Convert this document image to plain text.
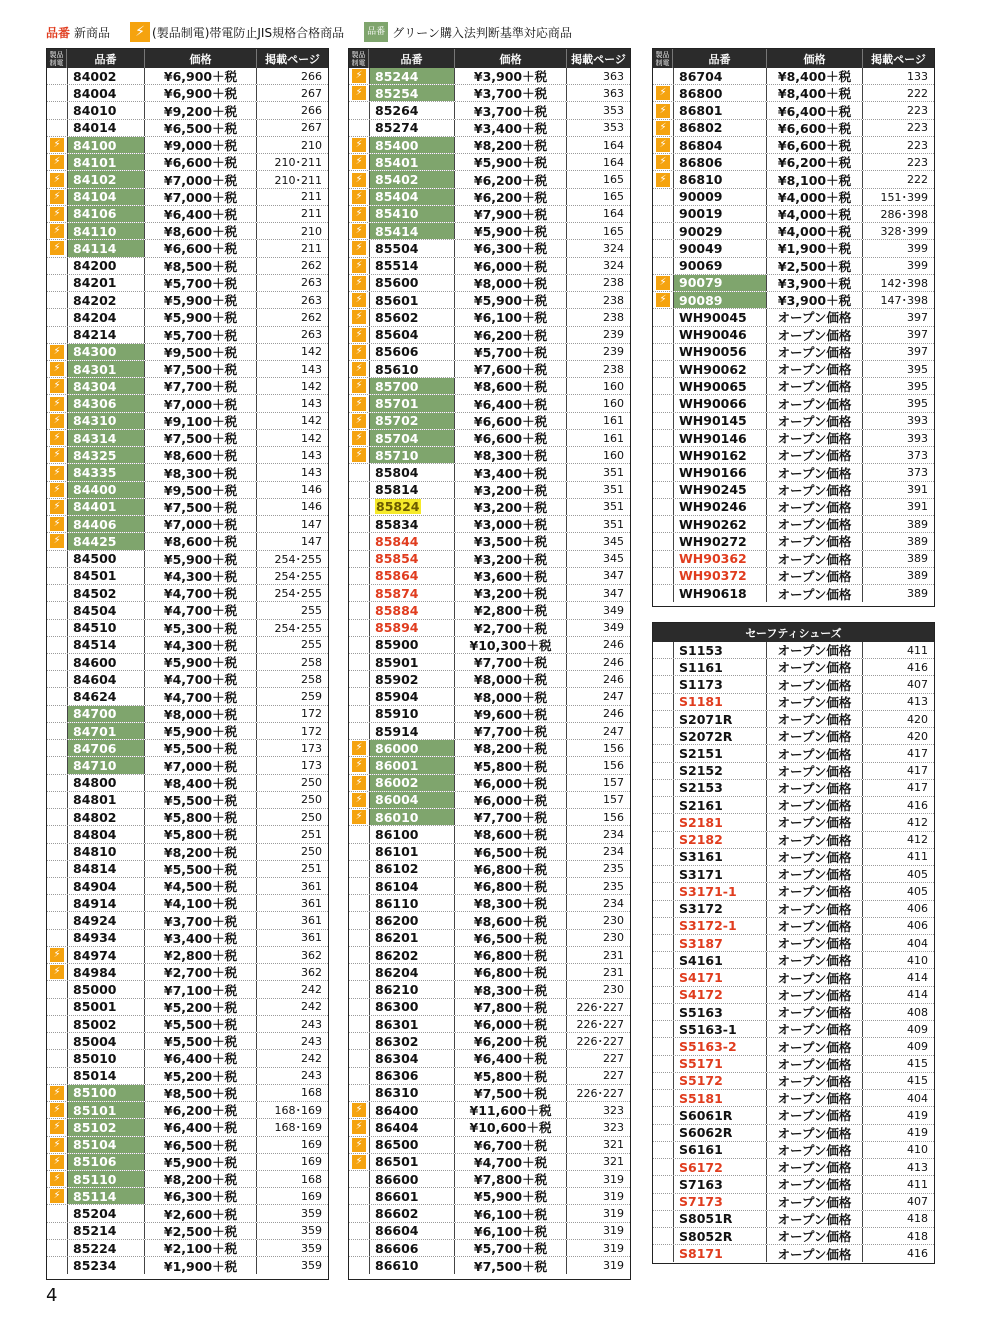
品番 新商品	⚡ (製品制電)帯電防止JIS規格合格商品	品番 グリーン購入法判断基準対応商品
製品制電	品番	価格	掲載ページ
84002	¥6,900＋税	266
84004	¥6,900＋税	267
84010	¥9,200＋税	266
84014	¥6,500＋税	267
⚡ 84100	¥9,000＋税	210
⚡ 84101	¥6,600＋税	210･211
⚡ 84102	¥7,000＋税	210･211
⚡ 84104	¥7,000＋税	211
⚡ 84106	¥6,400＋税	211
⚡ 84110	¥8,600＋税	210
⚡ 84114	¥6,600＋税	211
84200	¥8,500＋税	262
84201	¥5,700＋税	263
84202	¥5,900＋税	263
84204	¥5,900＋税	262
84214	¥5,700＋税	263
⚡ 84300	¥9,500＋税	142
⚡ 84301	¥7,500＋税	143
⚡ 84304	¥7,700＋税	142
⚡ 84306	¥7,000＋税	143
⚡ 84310	¥9,100＋税	142
⚡ 84314	¥7,500＋税	142
⚡ 84325	¥8,600＋税	143
⚡ 84335	¥8,300＋税	143
⚡ 84400	¥9,500＋税	146
⚡ 84401	¥7,500＋税	146
⚡ 84406	¥7,000＋税	147
⚡ 84425	¥8,600＋税	147
84500	¥5,900＋税	254･255
84501	¥4,300＋税	254･255
84502	¥4,700＋税	254･255
84504	¥4,700＋税	255
84510	¥5,300＋税	254･255
84514	¥4,300＋税	255
84600	¥5,900＋税	258
84604	¥4,700＋税	258
84624	¥4,700＋税	259
84700	¥8,000＋税	172
84701	¥5,900＋税	172
84706	¥5,500＋税	173
84710	¥7,000＋税	173
84800	¥8,400＋税	250
84801	¥5,500＋税	250
84802	¥5,800＋税	250
84804	¥5,800＋税	251
84810	¥8,200＋税	250
84814	¥5,500＋税	251
84904	¥4,500＋税	361
84914	¥4,100＋税	361
84924	¥3,700＋税	361
84934	¥3,400＋税	361
⚡ 84974	¥2,800＋税	362
⚡ 84984	¥2,700＋税	362
85000	¥7,100＋税	242
85001	¥5,200＋税	242
85002	¥5,500＋税	243
85004	¥5,500＋税	243
85010	¥6,400＋税	242
85014	¥5,200＋税	243
⚡ 85100	¥8,500＋税	168
⚡ 85101	¥6,200＋税	168･169
⚡ 85102	¥6,400＋税	168･169
⚡ 85104	¥6,500＋税	169
⚡ 85106	¥5,900＋税	169
⚡ 85110	¥8,200＋税	168
⚡ 85114	¥6,300＋税	169
85204	¥2,600＋税	359
85214	¥2,500＋税	359
85224	¥2,100＋税	359
85234	¥1,900＋税	359
製品制電	品番	価格	掲載ページ
⚡ 85244	¥3,900＋税	363
⚡ 85254	¥3,700＋税	363
85264	¥3,700＋税	353
85274	¥3,400＋税	353
⚡ 85400	¥8,200＋税	164
⚡ 85401	¥5,900＋税	164
⚡ 85402	¥6,200＋税	165
⚡ 85404	¥6,200＋税	165
⚡ 85410	¥7,900＋税	164
⚡ 85414	¥5,900＋税	165
⚡ 85504	¥6,300＋税	324
⚡ 85514	¥6,000＋税	324
⚡ 85600	¥8,000＋税	238
⚡ 85601	¥5,900＋税	238
⚡ 85602	¥6,100＋税	238
⚡ 85604	¥6,200＋税	239
⚡ 85606	¥5,700＋税	239
⚡ 85610	¥7,600＋税	238
⚡ 85700	¥8,600＋税	160
⚡ 85701	¥6,400＋税	160
⚡ 85702	¥6,600＋税	161
⚡ 85704	¥6,600＋税	161
⚡ 85710	¥8,300＋税	160
85804	¥3,400＋税	351
85814	¥3,200＋税	351
85824	¥3,200＋税	351
85834	¥3,000＋税	351
85844	¥3,500＋税	345
85854	¥3,200＋税	345
85864	¥3,600＋税	347
85874	¥3,200＋税	347
85884	¥2,800＋税	349
85894	¥2,700＋税	349
85900	¥10,300＋税	246
85901	¥7,700＋税	246
85902	¥8,000＋税	246
85904	¥8,000＋税	247
85910	¥9,600＋税	246
85914	¥7,700＋税	247
⚡ 86000	¥8,200＋税	156
⚡ 86001	¥5,800＋税	156
⚡ 86002	¥6,000＋税	157
⚡ 86004	¥6,000＋税	157
⚡ 86010	¥7,700＋税	156
86100	¥8,600＋税	234
86101	¥6,500＋税	234
86102	¥6,800＋税	235
86104	¥6,800＋税	235
86110	¥8,300＋税	234
86200	¥8,600＋税	230
86201	¥6,500＋税	230
86202	¥6,800＋税	231
86204	¥6,800＋税	231
86210	¥8,300＋税	230
86300	¥7,800＋税	226･227
86301	¥6,000＋税	226･227
86302	¥6,200＋税	226･227
86304	¥6,400＋税	227
86306	¥5,800＋税	227
86310	¥7,500＋税	226･227
⚡ 86400	¥11,600＋税	323
⚡ 86404	¥10,600＋税	323
⚡ 86500	¥6,700＋税	321
⚡ 86501	¥4,700＋税	321
86600	¥7,800＋税	319
86601	¥5,900＋税	319
86602	¥6,100＋税	319
86604	¥6,100＋税	319
86606	¥5,700＋税	319
86610	¥7,500＋税	319
製品制電	品番	価格	掲載ページ
86704	¥8,400＋税	133
⚡ 86800	¥8,400＋税	222
⚡ 86801	¥6,400＋税	223
⚡ 86802	¥6,600＋税	223
⚡ 86804	¥6,600＋税	223
⚡ 86806	¥6,200＋税	223
⚡ 86810	¥8,100＋税	222
90009	¥4,000＋税	151･399
90019	¥4,000＋税	286･398
90029	¥4,000＋税	328･399
90049	¥1,900＋税	399
90069	¥2,500＋税	399
⚡ 90079	¥3,900＋税	142･398
⚡ 90089	¥3,900＋税	147･398
WH90045	オープン価格	397
WH90046	オープン価格	397
WH90056	オープン価格	397
WH90062	オープン価格	395
WH90065	オープン価格	395
WH90066	オープン価格	395
WH90145	オープン価格	393
WH90146	オープン価格	393
WH90162	オープン価格	373
WH90166	オープン価格	373
WH90245	オープン価格	391
WH90246	オープン価格	391
WH90262	オープン価格	389
WH90272	オープン価格	389
WH90362	オープン価格	389
WH90372	オープン価格	389
WH90618	オープン価格	389
セーフティシューズ
S1153	オープン価格	411
S1161	オープン価格	416
S1173	オープン価格	407
S1181	オープン価格	413
S2071R	オープン価格	420
S2072R	オープン価格	420
S2151	オープン価格	417
S2152	オープン価格	417
S2153	オープン価格	417
S2161	オープン価格	416
S2181	オープン価格	412
S2182	オープン価格	412
S3161	オープン価格	411
S3171	オープン価格	405
S3171-1	オープン価格	405
S3172	オープン価格	406
S3172-1	オープン価格	406
S3187	オープン価格	404
S4161	オープン価格	410
S4171	オープン価格	414
S4172	オープン価格	414
S5163	オープン価格	408
S5163-1	オープン価格	409
S5163-2	オープン価格	409
S5171	オープン価格	415
S5172	オープン価格	415
S5181	オープン価格	404
S6061R	オープン価格	419
S6062R	オープン価格	419
S6161	オープン価格	410
S6172	オープン価格	413
S7163	オープン価格	411
S7173	オープン価格	407
S8051R	オープン価格	418
S8052R	オープン価格	418
S8171	オープン価格	416
4
